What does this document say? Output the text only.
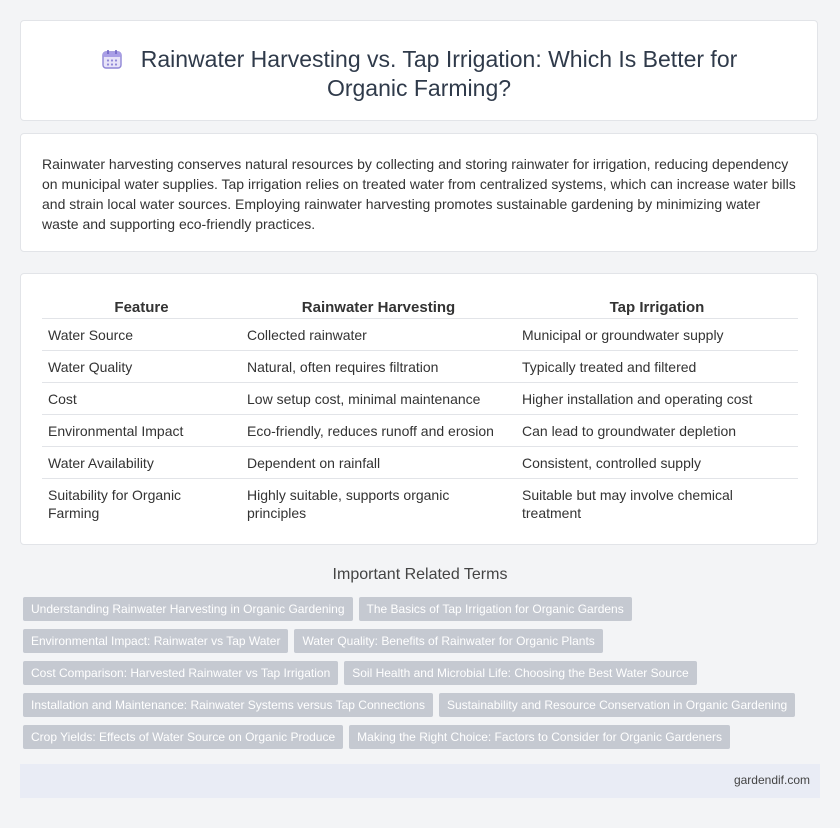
Rainwater Harvesting vs. Tap Irrigation: Which Is Better for Organic Farming?
Rainwater harvesting conserves natural resources by collecting and storing rainwater for irrigation, reducing dependency on municipal water supplies. Tap irrigation relies on treated water from centralized systems, which can increase water bills and strain local water sources. Employing rainwater harvesting promotes sustainable gardening by minimizing water waste and supporting eco-friendly practices.
Feature	Rainwater Harvesting	Tap Irrigation
Water Source	Collected rainwater	Municipal or groundwater supply
Water Quality	Natural, often requires filtration	Typically treated and filtered
Cost	Low setup cost, minimal maintenance	Higher installation and operating cost
Environmental Impact	Eco-friendly, reduces runoff and erosion	Can lead to groundwater depletion
Water Availability	Dependent on rainfall	Consistent, controlled supply
Suitability for Organic Farming	Highly suitable, supports organic principles	Suitable but may involve chemical treatment
Important Related Terms
Understanding Rainwater Harvesting in Organic Gardening The Basics of Tap Irrigation for Organic Gardens
Environmental Impact: Rainwater vs Tap Water Water Quality: Benefits of Rainwater for Organic Plants
Cost Comparison: Harvested Rainwater vs Tap Irrigation Soil Health and Microbial Life: Choosing the Best Water Source
Installation and Maintenance: Rainwater Systems versus Tap Connections Sustainability and Resource Conservation in Organic Gardening
Crop Yields: Effects of Water Source on Organic Produce Making the Right Choice: Factors to Consider for Organic Gardeners
gardendif.com
